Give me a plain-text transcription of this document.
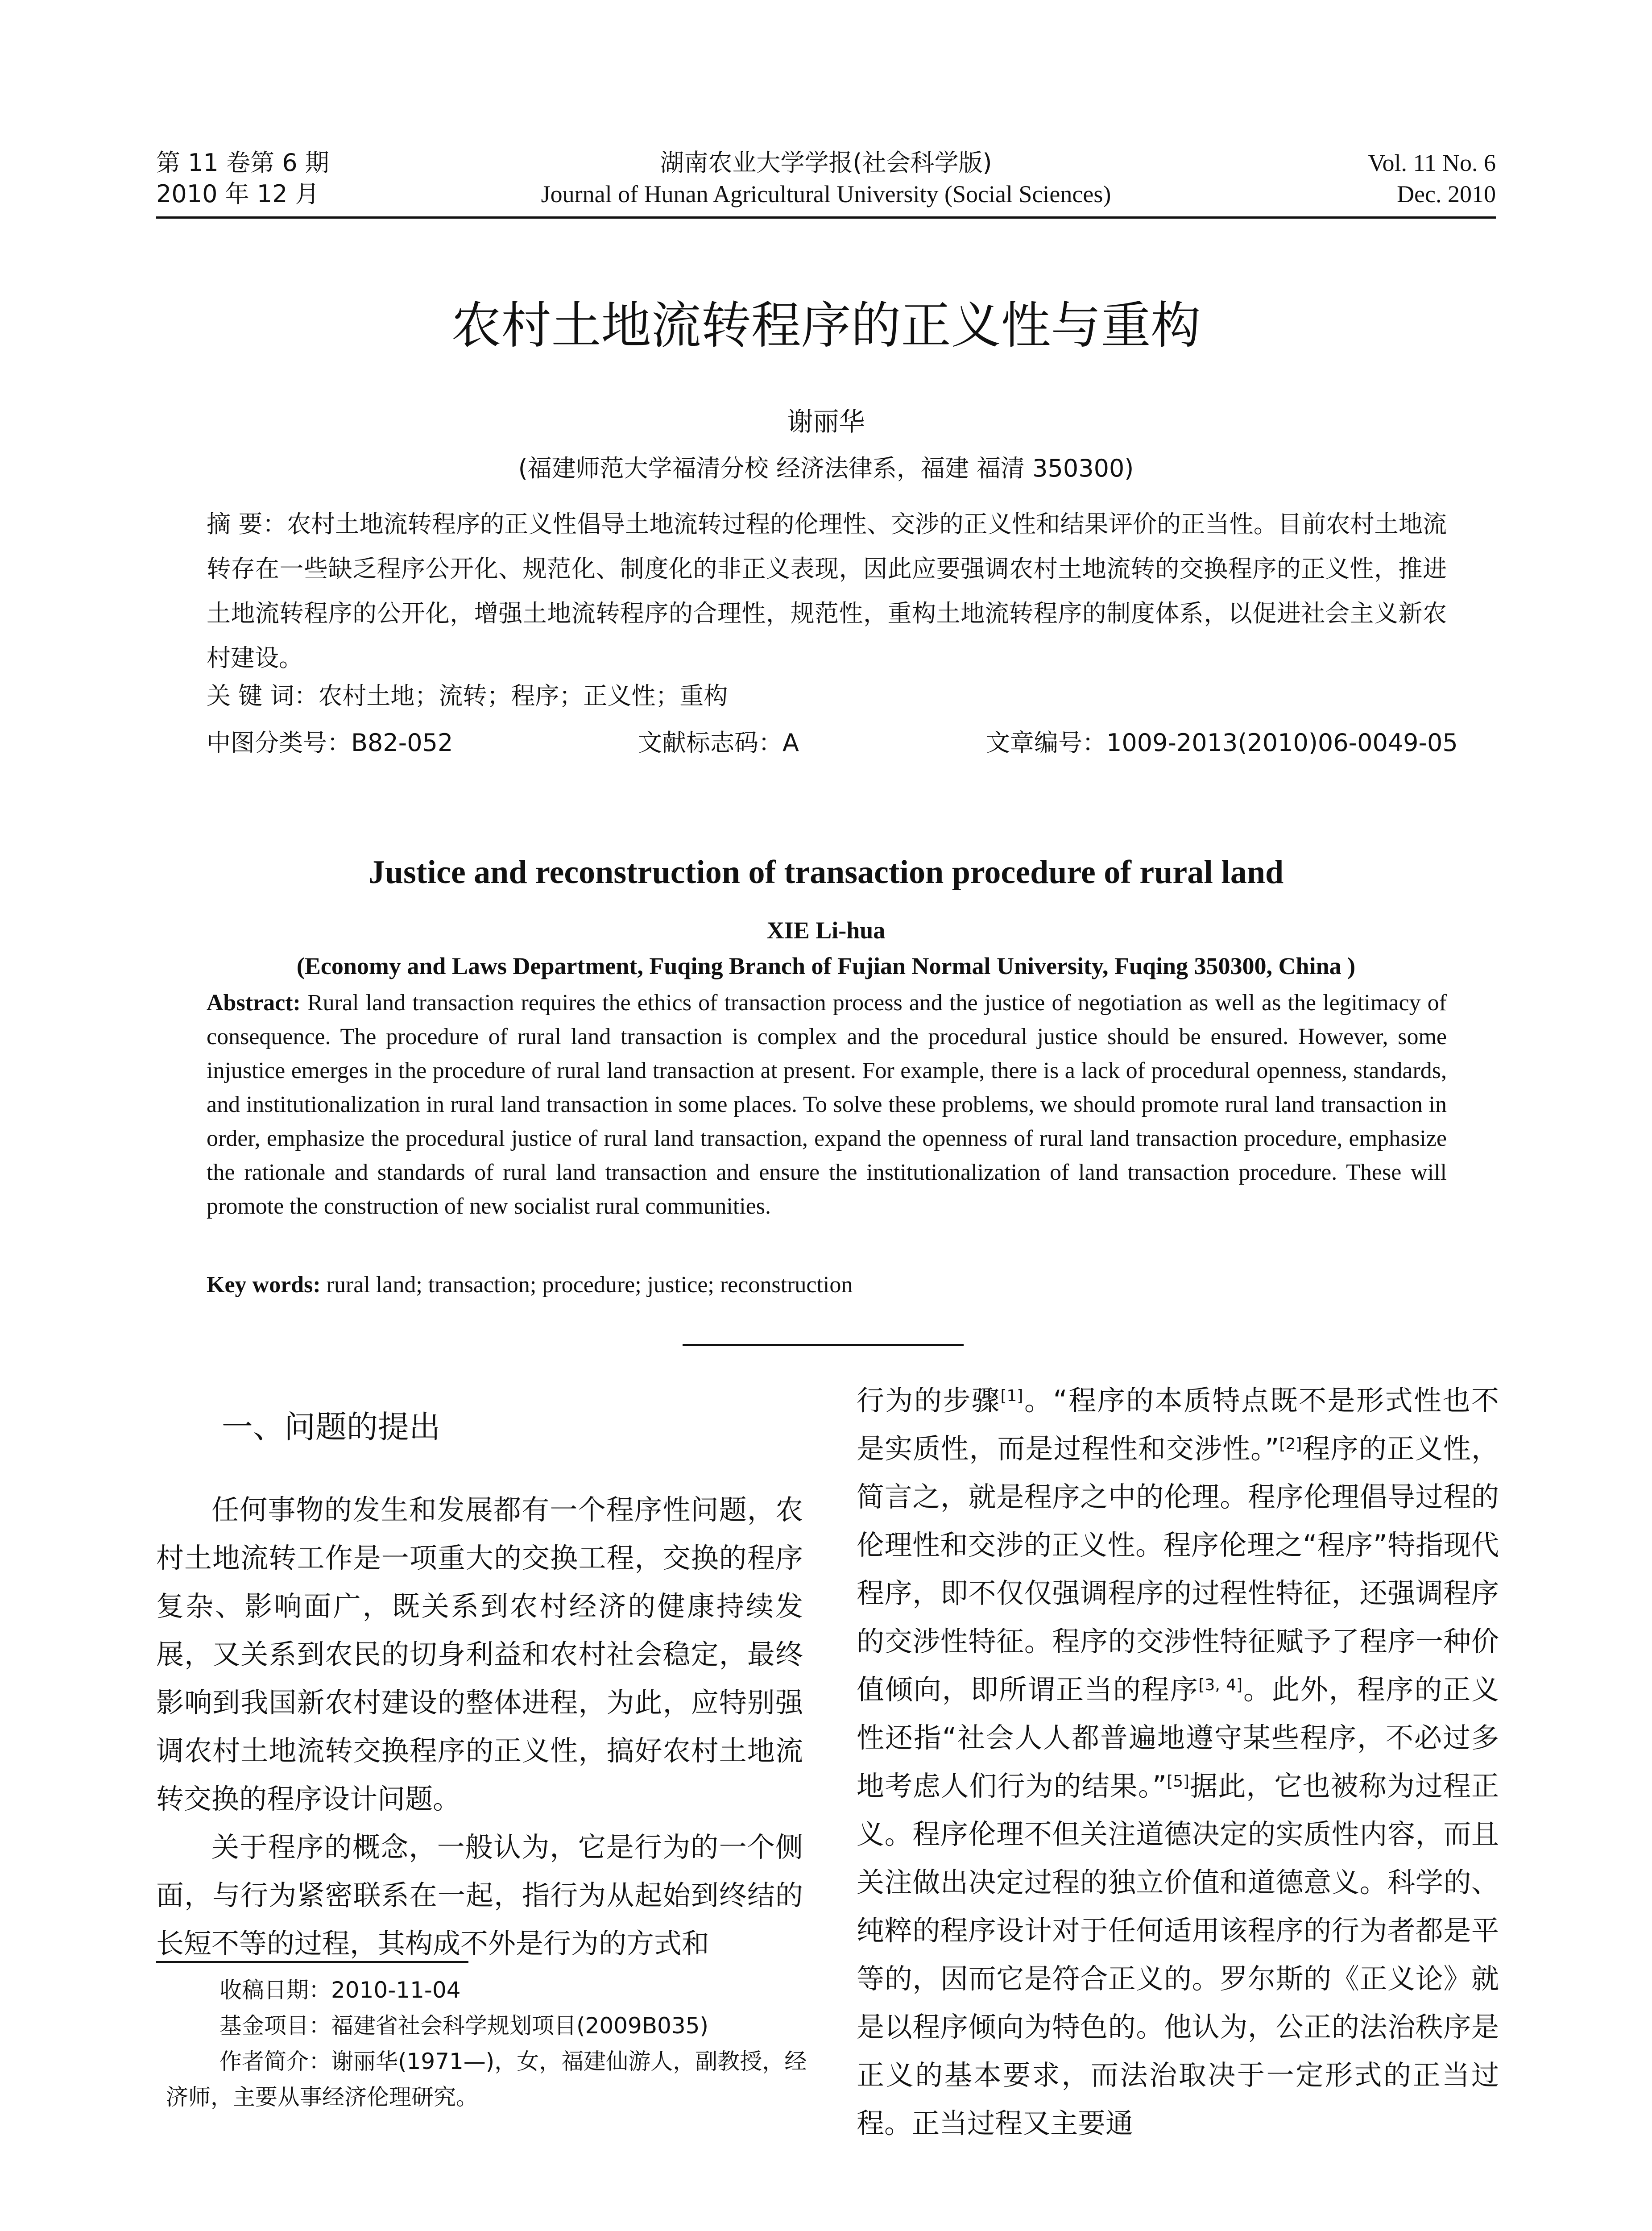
第 11 卷第 6 期
2010 年 12 月
湖南农业大学学报(社会科学版)
Journal of Hunan Agricultural University (Social Sciences)
Vol. 11 No. 6
Dec. 2010
农村土地流转程序的正义性与重构
谢丽华
(福建师范大学福清分校 经济法律系，福建 福清 350300)
摘 要：农村土地流转程序的正义性倡导土地流转过程的伦理性、交涉的正义性和结果评价的正当性。目前农村土地流转存在一些缺乏程序公开化、规范化、制度化的非正义表现，因此应要强调农村土地流转的交换程序的正义性，推进土地流转程序的公开化，增强土地流转程序的合理性，规范性，重构土地流转程序的制度体系，以促进社会主义新农村建设。
关 键 词：农村土地；流转；程序；正义性；重构
中图分类号：B82-052	文献标志码：A	文章编号：1009-2013(2010)06-0049-05
Justice and reconstruction of transaction procedure of rural land
XIE Li-hua
(Economy and Laws Department, Fuqing Branch of Fujian Normal University, Fuqing 350300, China )
Abstract: Rural land transaction requires the ethics of transaction process and the justice of negotiation as well as the legitimacy of consequence. The procedure of rural land transaction is complex and the procedural justice should be ensured. However, some injustice emerges in the procedure of rural land transaction at present. For example, there is a lack of procedural openness, standards, and institutionalization in rural land transaction in some places. To solve these problems, we should promote rural land transaction in order, emphasize the procedural justice of rural land transaction, expand the openness of rural land transaction procedure, emphasize the rationale and standards of rural land transaction and ensure the institutionalization of land transaction procedure. These will promote the construction of new socialist rural communities.
Key words: rural land; transaction; procedure; justice; reconstruction
一、问题的提出

任何事物的发生和发展都有一个程序性问题，农村土地流转工作是一项重大的交换工程，交换的程序复杂、影响面广，既关系到农村经济的健康持续发展，又关系到农民的切身利益和农村社会稳定，最终影响到我国新农村建设的整体进程，为此，应特别强调农村土地流转交换程序的正义性，搞好农村土地流转交换的程序设计问题。

关于程序的概念，一般认为，它是行为的一个侧面，与行为紧密联系在一起，指行为从起始到终结的长短不等的过程，其构成不外是行为的方式和

行为的步骤[1]。“程序的本质特点既不是形式性也不是实质性，而是过程性和交涉性。”[2]程序的正义性，简言之，就是程序之中的伦理。程序伦理倡导过程的伦理性和交涉的正义性。程序伦理之“程序”特指现代程序，即不仅仅强调程序的过程性特征，还强调程序的交涉性特征。程序的交涉性特征赋予了程序一种价值倾向，即所谓正当的程序[3, 4]。此外，程序的正义性还指“社会人人都普遍地遵守某些程序，不必过多地考虑人们行为的结果。”[5]据此，它也被称为过程正义。程序伦理不但关注道德决定的实质性内容，而且关注做出决定过程的独立价值和道德意义。科学的、纯粹的程序设计对于任何适用该程序的行为者都是平等的，因而它是符合正义的。罗尔斯的《正义论》就是以程序倾向为特色的。他认为，公正的法治秩序是正义的基本要求，而法治取决于一定形式的正当过程。正当过程又主要通

收稿日期：2010-11-04

基金项目：福建省社会科学规划项目(2009B035)

作者简介：谢丽华(1971—)，女，福建仙游人，副教授，经济师，主要从事经济伦理研究。
